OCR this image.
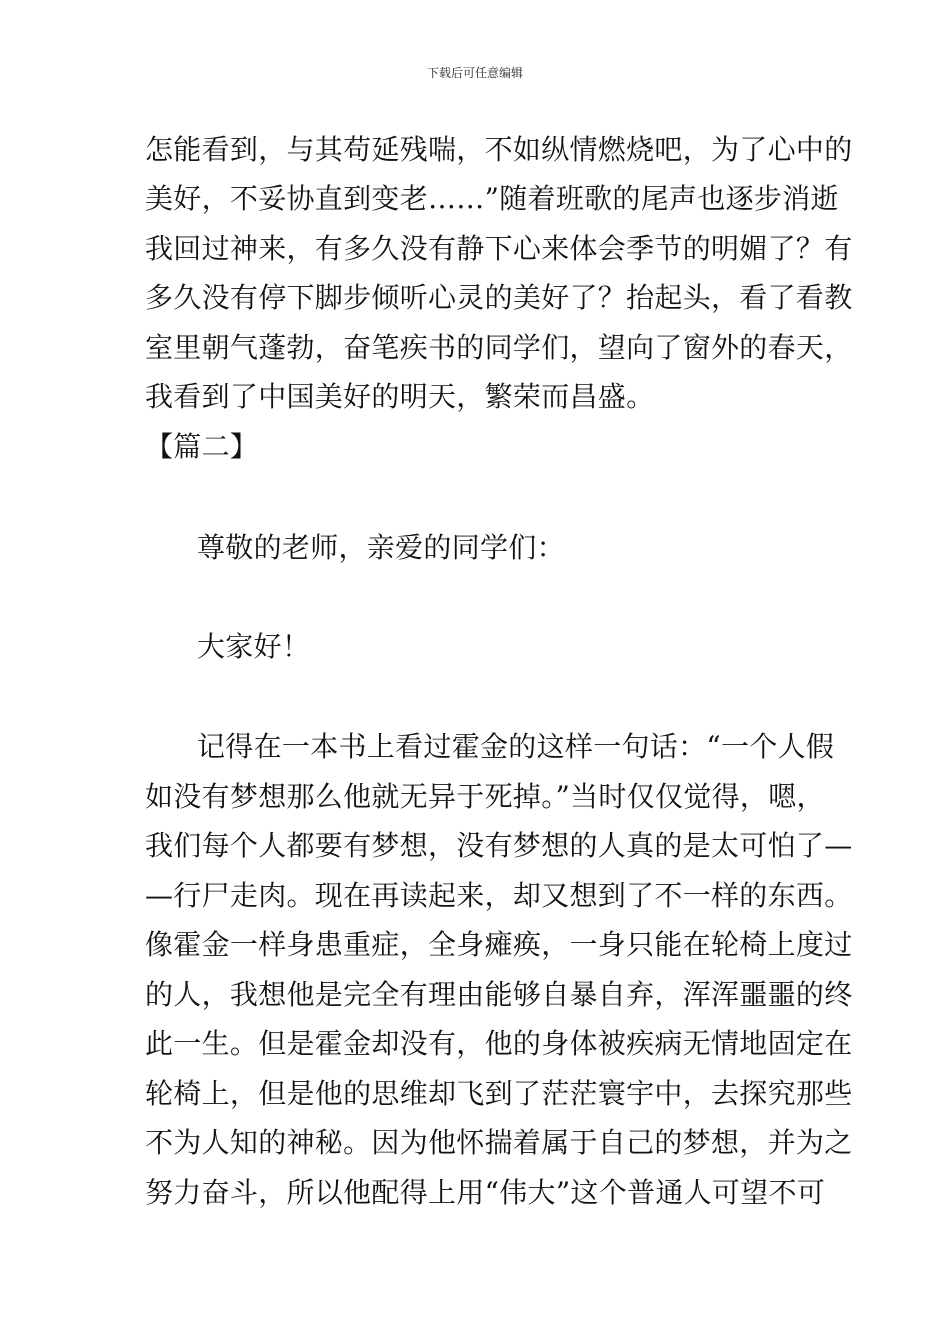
下载后可任意编辑
怎能看到，与其苟延残喘，不如纵情燃烧吧，为了心中的
美好，不妥协直到变老……”随着班歌的尾声也逐步消逝
我回过神来，有多久没有静下心来体会季节的明媚了？有
多久没有停下脚步倾听心灵的美好了？抬起头，看了看教
室里朝气蓬勃，奋笔疾书的同学们，望向了窗外的春天，
我看到了中国美好的明天，繁荣而昌盛。
【篇二】
尊敬的老师，亲爱的同学们：
大家好！
记得在一本书上看过霍金的这样一句话：“一个人假
如没有梦想那么他就无异于死掉。”当时仅仅觉得，嗯，
我们每个人都要有梦想，没有梦想的人真的是太可怕了—
—行尸走肉。现在再读起来，却又想到了不一样的东西。
像霍金一样身患重症，全身瘫痪，一身只能在轮椅上度过
的人，我想他是完全有理由能够自暴自弃，浑浑噩噩的终
此一生。但是霍金却没有，他的身体被疾病无情地固定在
轮椅上，但是他的思维却飞到了茫茫寰宇中，去探究那些
不为人知的神秘。因为他怀揣着属于自己的梦想，并为之
努力奋斗，所以他配得上用“伟大”这个普通人可望不可
